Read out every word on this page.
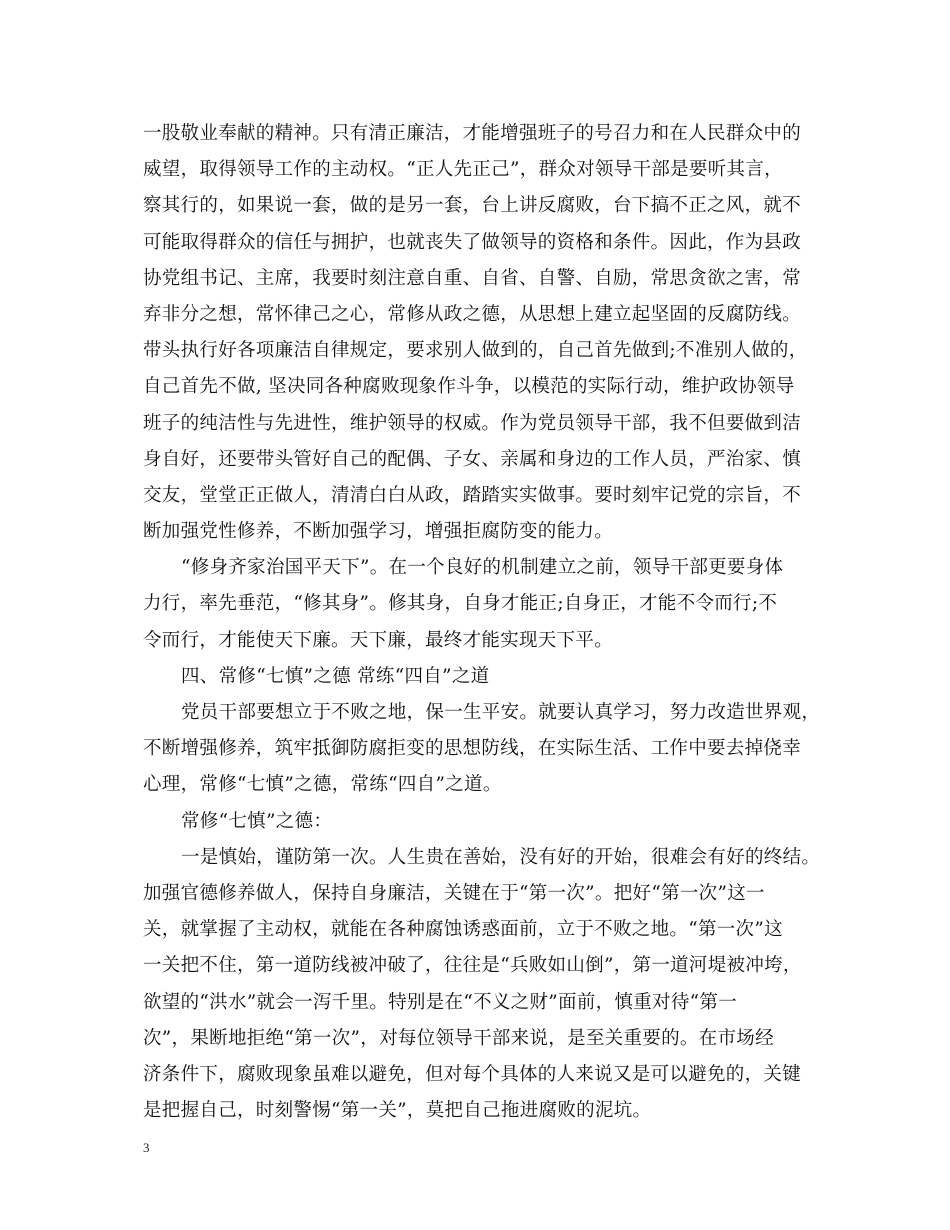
一股敬业奉献的精神。只有清正廉洁，才能增强班子的号召力和在人民群众中的
威望，取得领导工作的主动权。“正人先正己”，群众对领导干部是要听其言，
察其行的，如果说一套，做的是另一套，台上讲反腐败，台下搞不正之风，就不
可能取得群众的信任与拥护，也就丧失了做领导的资格和条件。因此，作为县政
协党组书记、主席，我要时刻注意自重、自省、自警、自励，常思贪欲之害，常
弃非分之想，常怀律己之心，常修从政之德，从思想上建立起坚固的反腐防线。
带头执行好各项廉洁自律规定，要求别人做到的，自己首先做到;不准别人做的，
自己首先不做, 坚决同各种腐败现象作斗争，以模范的实际行动，维护政协领导
班子的纯洁性与先进性，维护领导的权威。作为党员领导干部，我不但要做到洁
身自好，还要带头管好自己的配偶、子女、亲属和身边的工作人员，严治家、慎
交友，堂堂正正做人，清清白白从政，踏踏实实做事。要时刻牢记党的宗旨，不
断加强党性修养，不断加强学习，增强拒腐防变的能力。
“修身齐家治国平天下”。在一个良好的机制建立之前，领导干部更要身体
力行，率先垂范，“修其身”。修其身，自身才能正;自身正，才能不令而行;不
令而行，才能使天下廉。天下廉，最终才能实现天下平。
四、常修“七慎”之德 常练“四自”之道
党员干部要想立于不败之地，保一生平安。就要认真学习，努力改造世界观，
不断增强修养，筑牢抵御防腐拒变的思想防线，在实际生活、工作中要去掉侥幸
心理，常修“七慎”之德，常练“四自”之道。
常修“七慎”之德：
一是慎始，谨防第一次。人生贵在善始，没有好的开始，很难会有好的终结。
加强官德修养做人，保持自身廉洁，关键在于“第一次”。把好“第一次”这一
关，就掌握了主动权，就能在各种腐蚀诱惑面前，立于不败之地。“第一次”这
一关把不住，第一道防线被冲破了，往往是“兵败如山倒”，第一道河堤被冲垮，
欲望的“洪水”就会一泻千里。特别是在“不义之财”面前，慎重对待“第一
次”，果断地拒绝“第一次”，对每位领导干部来说，是至关重要的。在市场经
济条件下，腐败现象虽难以避免，但对每个具体的人来说又是可以避免的，关键
是把握自己，时刻警惕“第一关”，莫把自己拖进腐败的泥坑。
3
